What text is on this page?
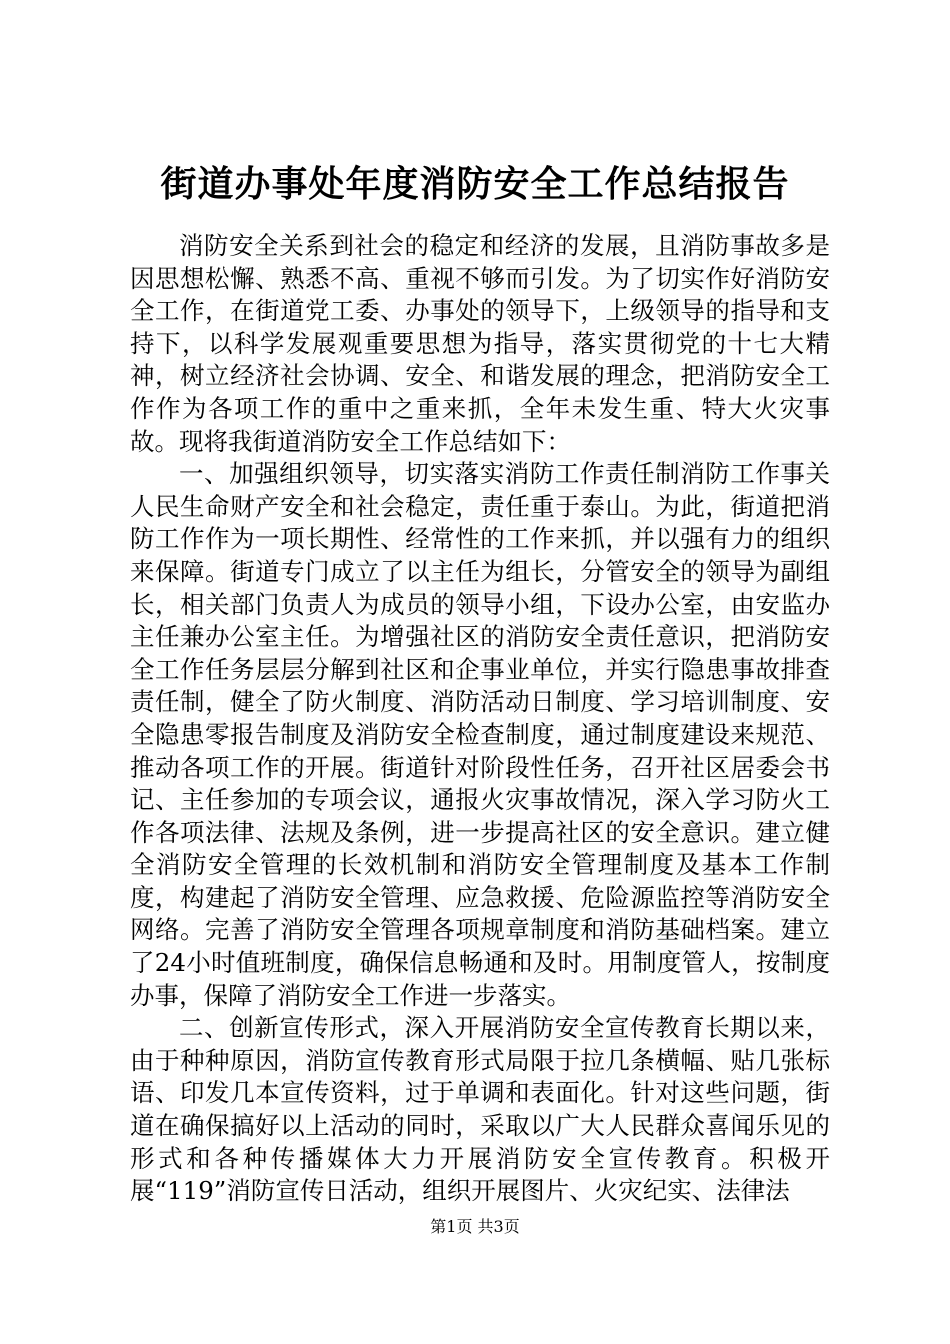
街道办事处年度消防安全工作总结报告

消防安全关系到社会的稳定和经济的发展，且消防事故多是因思想松懈、熟悉不高、重视不够而引发。为了切实作好消防安全工作，在街道党工委、办事处的领导下，上级领导的指导和支持下，以科学发展观重要思想为指导，落实贯彻党的十七大精神，树立经济社会协调、安全、和谐发展的理念，把消防安全工作作为各项工作的重中之重来抓，全年未发生重、特大火灾事故。现将我街道消防安全工作总结如下：

一、加强组织领导，切实落实消防工作责任制消防工作事关人民生命财产安全和社会稳定，责任重于泰山。为此，街道把消防工作作为一项长期性、经常性的工作来抓，并以强有力的组织来保障。街道专门成立了以主任为组长，分管安全的领导为副组长，相关部门负责人为成员的领导小组，下设办公室，由安监办主任兼办公室主任。为增强社区的消防安全责任意识，把消防安全工作任务层层分解到社区和企事业单位，并实行隐患事故排查责任制，健全了防火制度、消防活动日制度、学习培训制度、安全隐患零报告制度及消防安全检查制度，通过制度建设来规范、推动各项工作的开展。街道针对阶段性任务，召开社区居委会书记、主任参加的专项会议，通报火灾事故情况，深入学习防火工作各项法律、法规及条例，进一步提高社区的安全意识。建立健全消防安全管理的长效机制和消防安全管理制度及基本工作制度，构建起了消防安全管理、应急救援、危险源监控等消防安全网络。完善了消防安全管理各项规章制度和消防基础档案。建立了24小时值班制度，确保信息畅通和及时。用制度管人，按制度办事，保障了消防安全工作进一步落实。

二、创新宣传形式，深入开展消防安全宣传教育长期以来，由于种种原因，消防宣传教育形式局限于拉几条横幅、贴几张标语、印发几本宣传资料，过于单调和表面化。针对这些问题，街道在确保搞好以上活动的同时，采取以广大人民群众喜闻乐见的形式和各种传播媒体大力开展消防安全宣传教育。积极开展“119”消防宣传日活动，组织开展图片、火灾纪实、法律法

第1页 共3页
